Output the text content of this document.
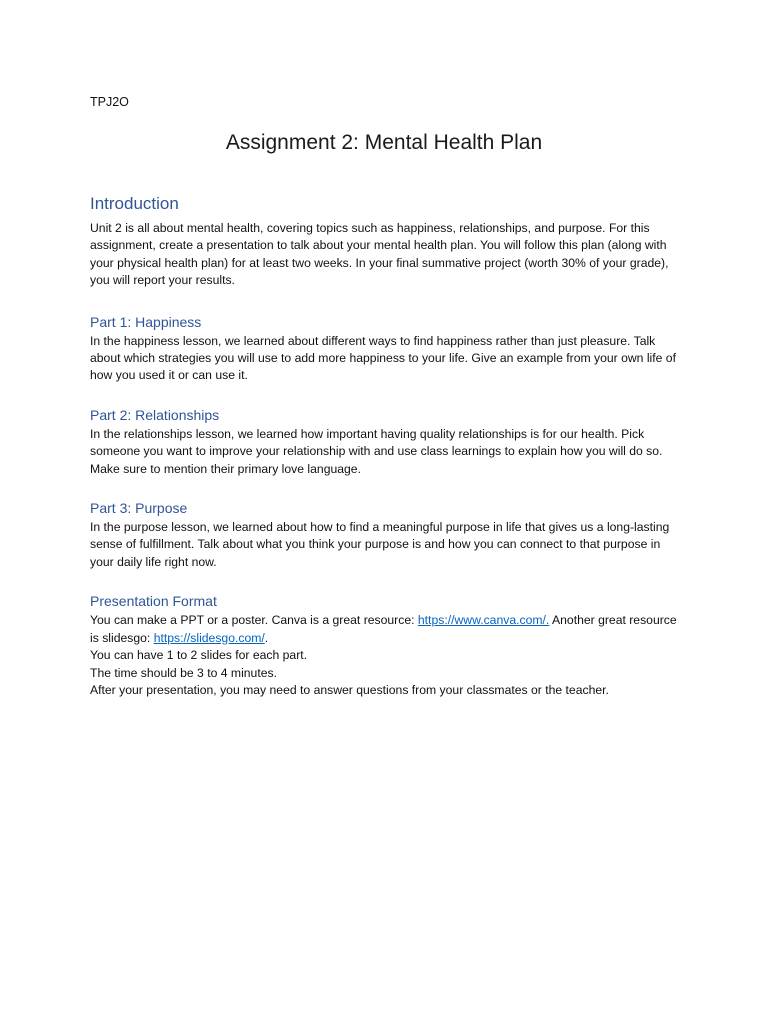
TPJ2O
Assignment 2: Mental Health Plan
Introduction

Unit 2 is all about mental health, covering topics such as happiness, relationships, and purpose. For this assignment, create a presentation to talk about your mental health plan. You will follow this plan (along with your physical health plan) for at least two weeks. In your final summative project (worth 30% of your grade), you will report your results.

Part 1: Happiness

In the happiness lesson, we learned about different ways to find happiness rather than just pleasure. Talk about which strategies you will use to add more happiness to your life. Give an example from your own life of how you used it or can use it.

Part 2: Relationships

In the relationships lesson, we learned how important having quality relationships is for our health. Pick someone you want to improve your relationship with and use class learnings to explain how you will do so. Make sure to mention their primary love language.

Part 3: Purpose

In the purpose lesson, we learned about how to find a meaningful purpose in life that gives us a long-lasting sense of fulfillment. Talk about what you think your purpose is and how you can connect to that purpose in your daily life right now.

Presentation Format

You can make a PPT or a poster. Canva is a great resource: https://www.canva.com/. Another great resource is slidesgo: https://slidesgo.com/.

You can have 1 to 2 slides for each part.
The time should be 3 to 4 minutes.
After your presentation, you may need to answer questions from your classmates or the teacher.
